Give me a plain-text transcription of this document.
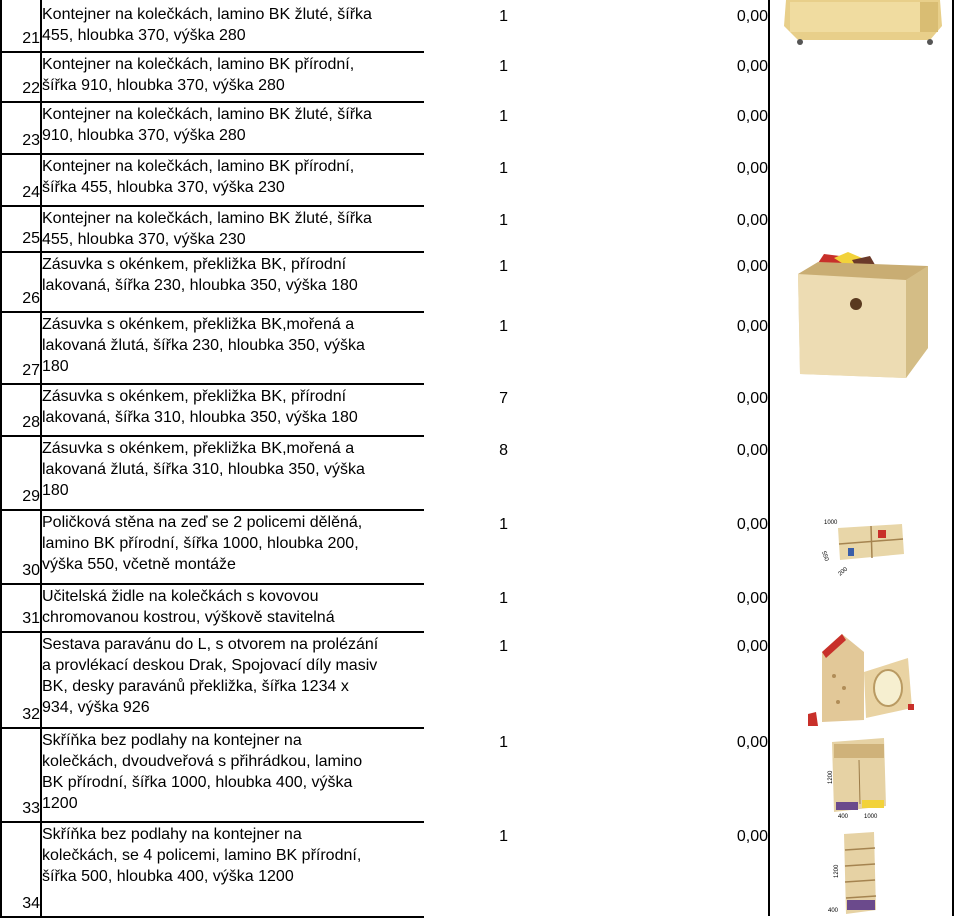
21
Kontejner na kolečkách, lamino BK žluté, šířka
455, hloubka 370, výška 280
1	0,00
22
Kontejner na kolečkách, lamino BK přírodní,
šířka 910, hloubka 370, výška 280
1	0,00
23
Kontejner na kolečkách, lamino BK žluté, šířka
910, hloubka 370, výška 280
1	0,00
24
Kontejner na kolečkách, lamino BK přírodní,
šířka 455, hloubka 370, výška 230
1	0,00
25
Kontejner na kolečkách, lamino BK žluté, šířka
455, hloubka 370, výška 230
1	0,00
26
Zásuvka s okénkem, překližka BK, přírodní
lakovaná, šířka 230, hloubka 350, výška 180
1	0,00
27
Zásuvka s okénkem, překližka BK,mořená a
lakovaná žlutá, šířka 230, hloubka 350, výška
180
1	0,00
28
Zásuvka s okénkem, překližka BK, přírodní
lakovaná, šířka 310, hloubka 350, výška 180
7	0,00
29
Zásuvka s okénkem, překližka BK,mořená a
lakovaná žlutá, šířka 310, hloubka 350, výška
180
8	0,00
30
Poličková stěna na zeď se 2 policemi dělěná,
lamino BK přírodní, šířka 1000, hloubka 200,
výška 550, včetně montáže
1	0,00
31
Učitelská židle na kolečkách s kovovou
chromovanou kostrou, výškově stavitelná
1	0,00
32
Sestava paravánu do L, s otvorem na prolézání
a provlékací deskou Drak, Spojovací díly masiv
BK, desky paravánů překližka, šířka 1234 x
934, výška 926
1	0,00
33
Skříňka bez podlahy na kontejner na
kolečkách, dvoudveřová s přihrádkou, lamino
BK přírodní, šířka 1000, hloubka 400, výška
1200
1	0,00
34
Skříňka bez podlahy na kontejner na
kolečkách, se 4 policemi, lamino BK přírodní,
šířka 500, hloubka 400, výška 1200
1	0,00
1000
550
200
1200
400	1000
1200
400
